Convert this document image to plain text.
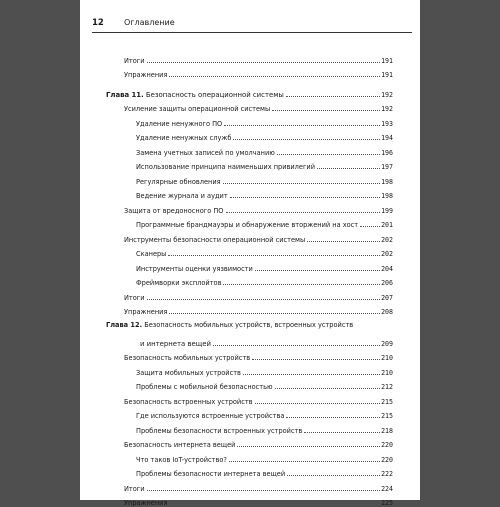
12	Оглавление
Итоги	191
Упражнения	191
Глава 11. Безопасность операционной системы	192
Усиление защиты операционной системы	192
Удаление ненужного ПО	193
Удаление ненужных служб	194
Замена учетных записей по умолчанию	196
Использование принципа наименьших привилегий	197
Регулярные обновления	198
Ведение журнала и аудит	198
Защита от вредоносного ПО	199
Программные брандмауэры и обнаружение вторжений на хост	201
Инструменты безопасности операционной системы	202
Сканеры	202
Инструменты оценки уязвимости	204
Фреймворки эксплойтов	206
Итоги	207
Упражнения	208
Глава 12. Безопасность мобильных устройств, встроенных устройств
и интернета вещей	209
Безопасность мобильных устройств	210
Защита мобильных устройств	210
Проблемы с мобильной безопасностью	212
Безопасность встроенных устройств	215
Где используются встроенные устройства	215
Проблемы безопасности встроенных устройств	218
Безопасность интернета вещей	220
Что таков IoT-устройство?	220
Проблемы безопасности интернета вещей	222
Итоги	224
Упражнения	225
